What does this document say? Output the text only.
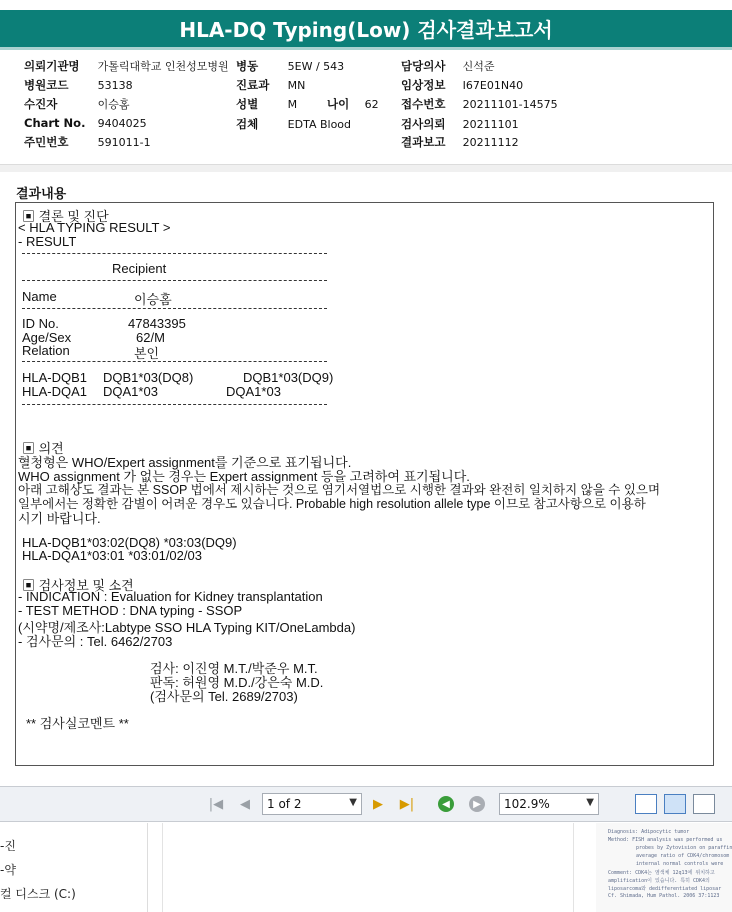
HLA-DQ Typing(Low) 검사결과보고서
의뢰기관명 가톨릭대학교 인천성모병원 병동	5EW / 543	담당의사 신석준
병원코드	53138	진료과 MN	임상정보 I67E01N40
수진자	이승홈	성별	M	나이 62 접수번호 20211101-14575
Chart No. 9404025	검체	EDTA Blood	검사의뢰 20211101
주민번호	591011-1	결과보고 20211112
결과내용
▣ 결론 및 진단
< HLA TYPING RESULT >
- RESULT
Recipient
Name	이승홈
ID No.	47843395
Age/Sex	62/M
Relation	본인
HLA-DQB1 DQB1*03(DQ8)	DQB1*03(DQ9)
HLA-DQA1 DQA1*03	DQA1*03
▣ 의견
혈청형은 WHO/Expert assignment를 기준으로 표기됩니다.
WHO assignment 가 없는 경우는 Expert assignment 등을 고려하여 표기됩니다.
아래 고해상도 결과는 본 SSOP 법에서 제시하는 것으로 염기서열법으로 시행한 결과와 완전히 일치하지 않을 수 있으며
일부에서는 정확한 감별이 어려운 경우도 있습니다. Probable high resolution allele type 이므로 참고사항으로 이용하
시기 바랍니다.
HLA-DQB1*03:02(DQ8) *03:03(DQ9)
HLA-DQA1*03:01 *03:01/02/03
▣ 검사정보 및 소견
- INDICATION : Evaluation for Kidney transplantation
- TEST METHOD : DNA typing - SSOP
(시약명/제조사:Labtype SSO HLA Typing KIT/OneLambda)
- 검사문의 : Tel. 6462/2703
검사: 이진영 M.T./박준우 M.T.
판독: 허원영 M.D./강은숙 M.D.
(검사문의 Tel. 2689/2703)
** 검사실코멘트 **
|◀	◀	1 of 2	▼	▶	▶|	◀	▶	102.9%	▼
-진
-약
컬 디스크 (C:)
Diagnosis: Adipocytic tumor
Method: FISH analysis was performed us
probes by Zytovision on paraffin
average ratio of CDK4/chromosom
internal normal controls were
Comment: CDK4는 염색체 12q13에 위치하고
amplification이 있습니다. 특히 CDK4의
liposarcoma와 dedifferentiated liposar
Cf. Shimada, Hum Pathol. 2006 37:1123
